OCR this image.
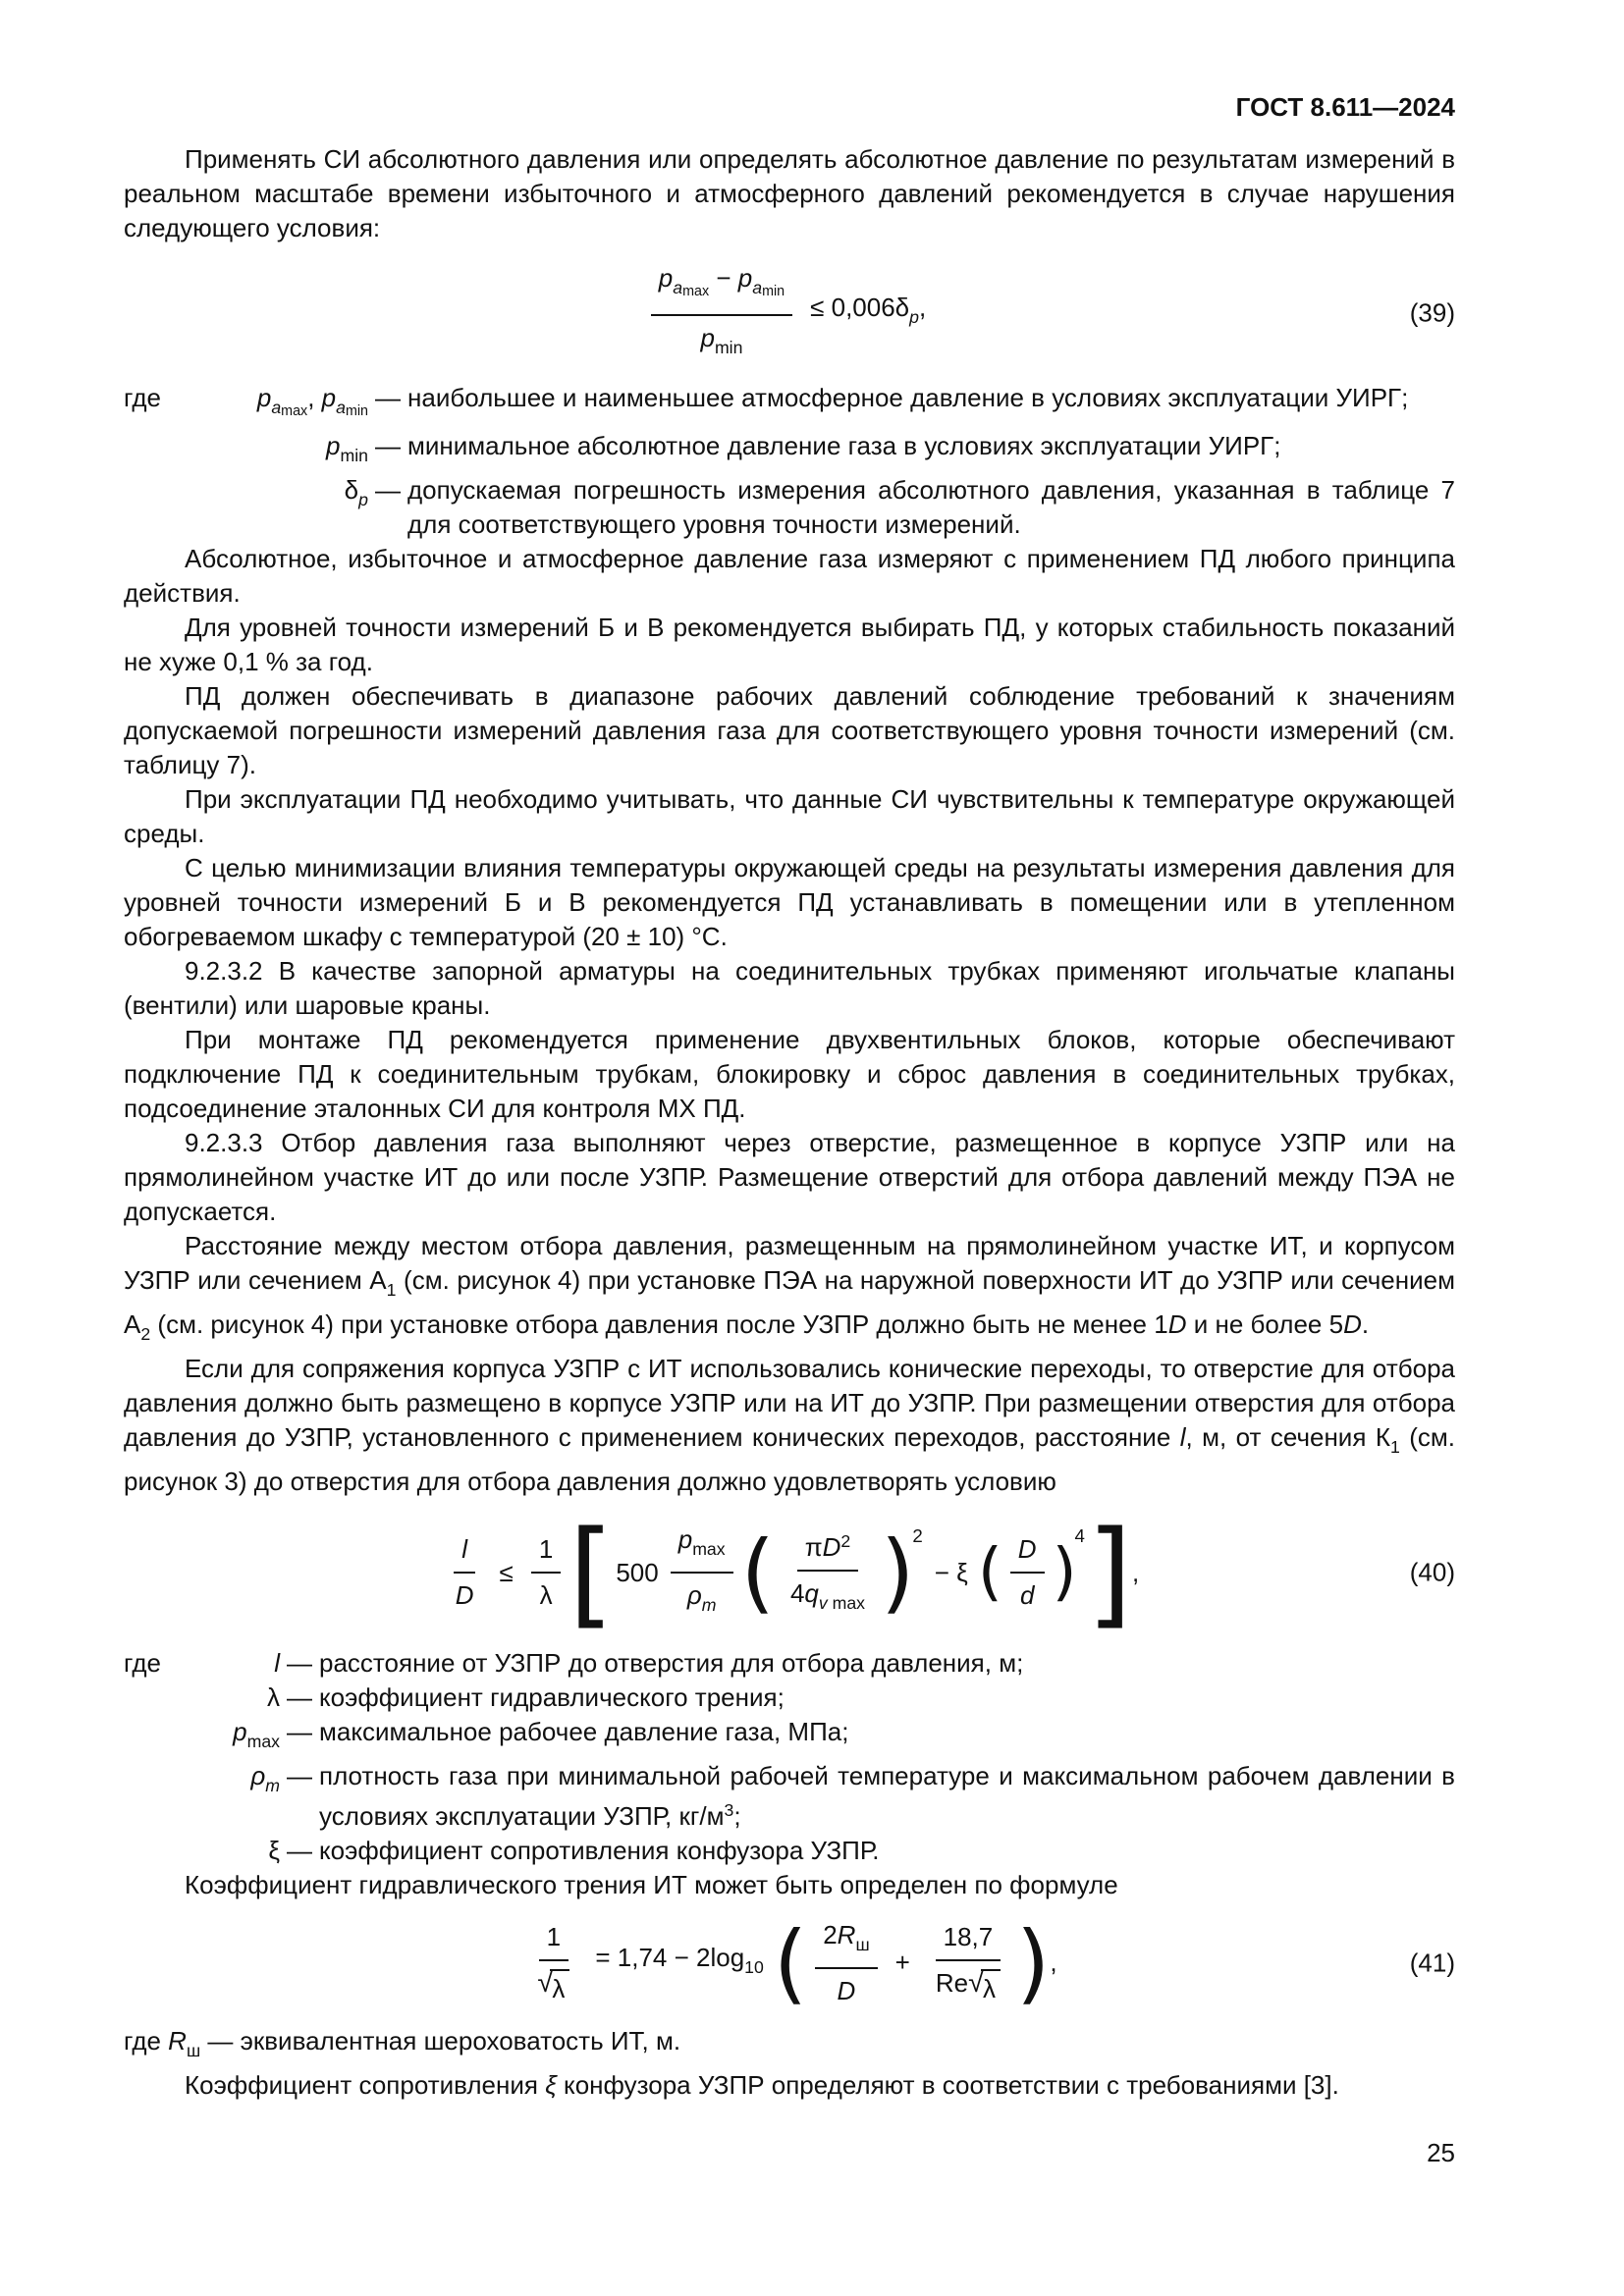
ГОСТ 8.611—2024

Применять СИ абсолютного давления или определять абсолютное давление по результатам измерений в реальном масштабе времени избыточного и атмосферного давлений рекомендуется в случае нарушения следующего условия:

$\frac{p_{amax} - p_{amin}}{p_{min}} \le 0,006\delta_p$,	(39)
где	$p_{amax}$, $p_{amin}$ — наибольшее и наименьшее атмосферное давление в условиях эксплуатации УИРГ;
$p_{min}$ — минимальное абсолютное давление газа в условиях эксплуатации УИРГ;
$\delta_p$ — допускаемая погрешность измерения абсолютного давления, указанная в таблице 7 для соответствующего уровня точности измерений.

Абсолютное, избыточное и атмосферное давление газа измеряют с применением ПД любого принципа действия.

Для уровней точности измерений Б и В рекомендуется выбирать ПД, у которых стабильность показаний не хуже 0,1 % за год.

ПД должен обеспечивать в диапазоне рабочих давлений соблюдение требований к значениям допускаемой погрешности измерений давления газа для соответствующего уровня точности измерений (см. таблицу 7).

При эксплуатации ПД необходимо учитывать, что данные СИ чувствительны к температуре окружающей среды.

С целью минимизации влияния температуры окружающей среды на результаты измерения давления для уровней точности измерений Б и В рекомендуется ПД устанавливать в помещении или в утепленном обогреваемом шкафу с температурой (20 ± 10) °С.

9.2.3.2 В качестве запорной арматуры на соединительных трубках применяют игольчатые клапаны (вентили) или шаровые краны.

При монтаже ПД рекомендуется применение двухвентильных блоков, которые обеспечивают подключение ПД к соединительным трубкам, блокировку и сброс давления в соединительных трубках, подсоединение эталонных СИ для контроля МХ ПД.

9.2.3.3 Отбор давления газа выполняют через отверстие, размещенное в корпусе УЗПР или на прямолинейном участке ИТ до или после УЗПР. Размещение отверстий для отбора давлений между ПЭА не допускается.

Расстояние между местом отбора давления, размещенным на прямолинейном участке ИТ, и корпусом УЗПР или сечением $А_1$ (см. рисунок 4) при установке ПЭА на наружной поверхности ИТ до УЗПР или сечением $А_2$ (см. рисунок 4) при установке отбора давления после УЗПР должно быть не менее 1D и не более 5D.

Если для сопряжения корпуса УЗПР с ИТ использовались конические переходы, то отверстие для отбора давления должно быть размещено в корпусе УЗПР или на ИТ до УЗПР. При размещении отверстия для отбора давления до УЗПР, установленного с применением конических переходов, расстояние l, м, от сечения $К_1$ (см. рисунок 3) до отверстия для отбора давления должно удовлетворять условию

$\frac{l}{D} \le \frac{1}{\lambda}$ [ $500 \frac{p_{max}}{\rho_m}$ ( $\frac{\pi D^2}{4q_v _{max}}$ )
2
− ξ ( $\frac{D}{d}$ )
4 ] ,	(40)
где	l — расстояние от УЗПР до отверстия для отбора давления, м;
λ — коэффициент гидравлического трения;
$p_{max}$ — максимальное рабочее давление газа, МПа;
$\rho_m$ — плотность газа при минимальной рабочей температуре и максимальном рабочем давлении в условиях эксплуатации УЗПР, $кг/м^3$;
ξ — коэффициент сопротивления конфузора УЗПР.

Коэффициент гидравлического трения ИТ может быть определен по формуле

$\frac{1}{√ \lambda} = 1,74 - 2\log_{10}$ ( $\frac{2R_ш}{D} + \frac{18,7}{Re √ \lambda}$ ) ,	(41)

где $R_ш$ — эквивалентная шероховатость ИТ, м.

Коэффициент сопротивления ξ конфузора УЗПР определяют в соответствии с требованиями [3].

25
